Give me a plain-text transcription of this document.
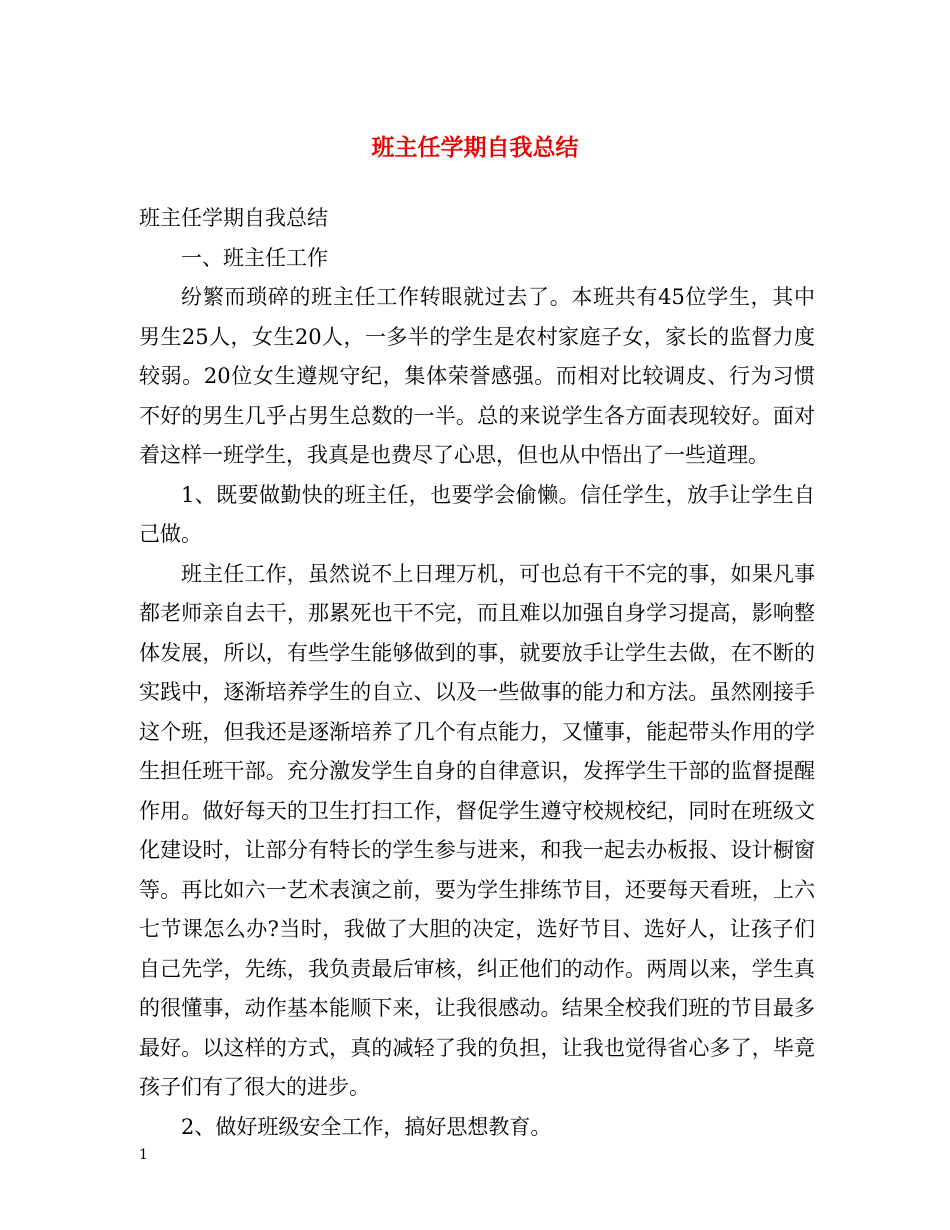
班主任学期自我总结

班主任学期自我总结

一、班主任工作

纷繁而琐碎的班主任工作转眼就过去了。本班共有45位学生，其中男生25人，女生20人，一多半的学生是农村家庭子女，家长的监督力度较弱。20位女生遵规守纪，集体荣誉感强。而相对比较调皮、行为习惯不好的男生几乎占男生总数的一半。总的来说学生各方面表现较好。面对着这样一班学生，我真是也费尽了心思，但也从中悟出了一些道理。

1、既要做勤快的班主任，也要学会偷懒。信任学生，放手让学生自己做。

班主任工作，虽然说不上日理万机，可也总有干不完的事，如果凡事都老师亲自去干，那累死也干不完，而且难以加强自身学习提高，影响整体发展，所以，有些学生能够做到的事，就要放手让学生去做，在不断的实践中，逐渐培养学生的自立、以及一些做事的能力和方法。虽然刚接手这个班，但我还是逐渐培养了几个有点能力，又懂事，能起带头作用的学生担任班干部。充分激发学生自身的自律意识，发挥学生干部的监督提醒作用。做好每天的卫生打扫工作，督促学生遵守校规校纪，同时在班级文化建设时，让部分有特长的学生参与进来，和我一起去办板报、设计橱窗等。再比如六一艺术表演之前，要为学生排练节目，还要每天看班，上六七节课怎么办?当时，我做了大胆的决定，选好节目、选好人，让孩子们自己先学，先练，我负责最后审核，纠正他们的动作。两周以来，学生真的很懂事，动作基本能顺下来，让我很感动。结果全校我们班的节目最多最好。以这样的方式，真的减轻了我的负担，让我也觉得省心多了，毕竟孩子们有了很大的进步。

2、做好班级安全工作，搞好思想教育。

1
